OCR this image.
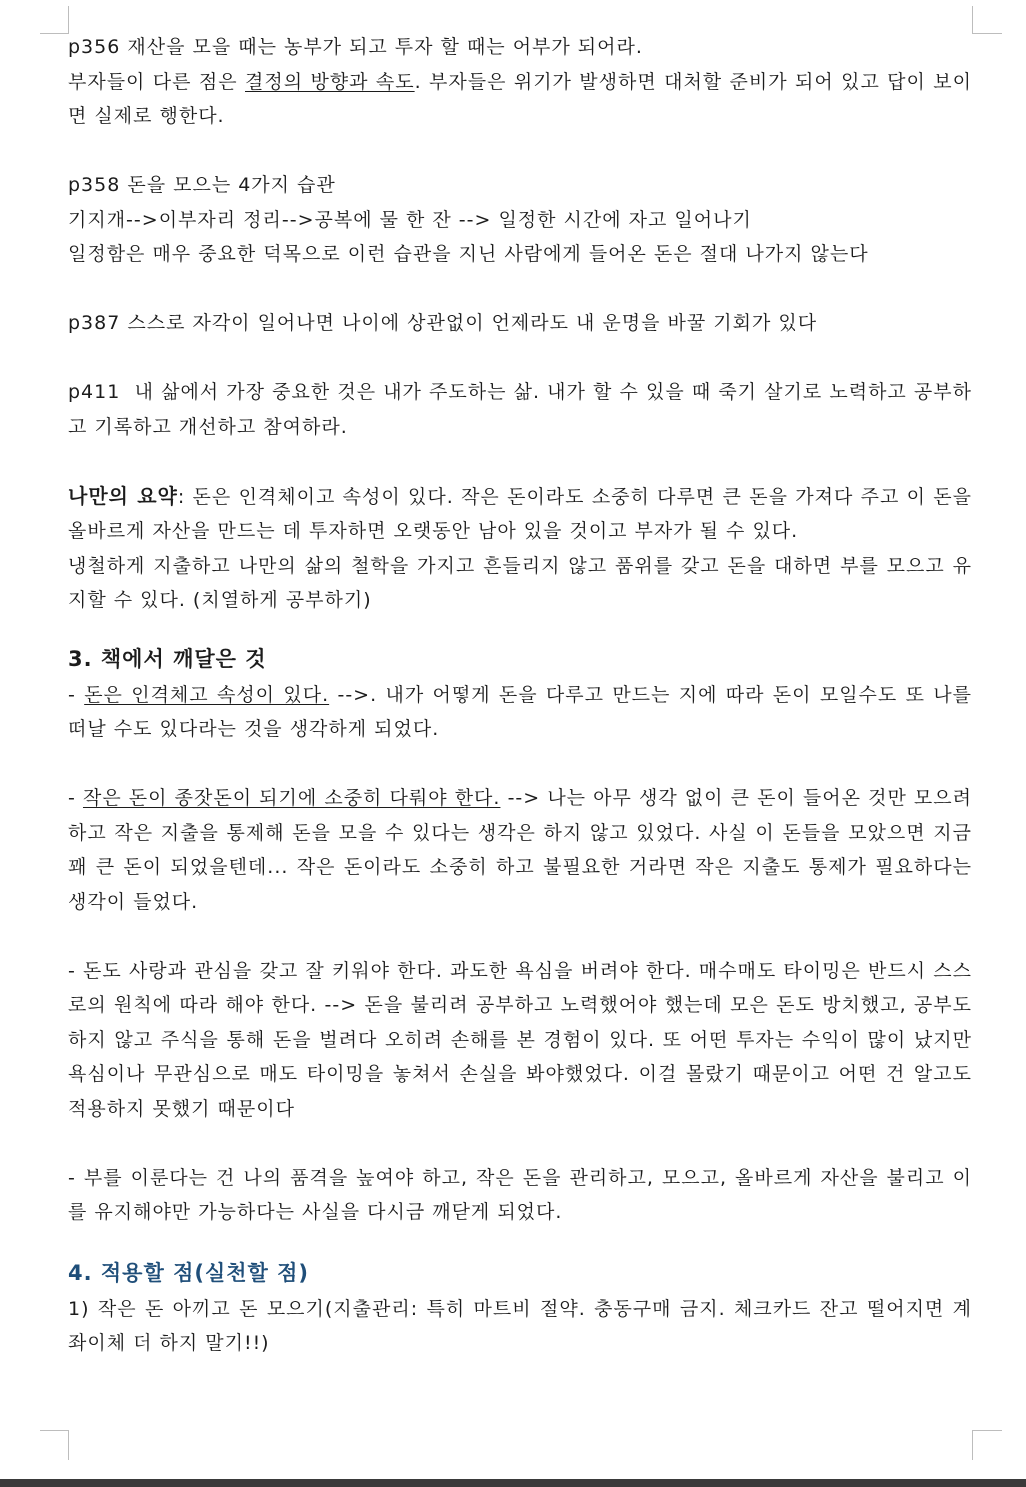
p356 재산을 모을 때는 농부가 되고 투자 할 때는 어부가 되어라.

부자들이 다른 점은 결정의 방향과 속도. 부자들은 위기가 발생하면 대처할 준비가 되어 있고 답이 보이면 실제로 행한다.

p358 돈을 모으는 4가지 습관

기지개-->이부자리 정리-->공복에 물 한 잔 --> 일정한 시간에 자고 일어나기

일정함은 매우 중요한 덕목으로 이런 습관을 지닌 사람에게 들어온 돈은 절대 나가지 않는다

p387 스스로 자각이 일어나면 나이에 상관없이 언제라도 내 운명을 바꿀 기회가 있다

p411  내 삶에서 가장 중요한 것은 내가 주도하는 삶. 내가 할 수 있을 때 죽기 살기로 노력하고 공부하고 기록하고 개선하고 참여하라.

나만의 요약: 돈은 인격체이고 속성이 있다. 작은 돈이라도 소중히 다루면 큰 돈을 가져다 주고 이 돈을 올바르게 자산을 만드는 데 투자하면 오랫동안 남아 있을 것이고 부자가 될 수 있다.

냉철하게 지출하고 나만의 삶의 철학을 가지고 흔들리지 않고 품위를 갖고 돈을 대하면 부를 모으고 유지할 수 있다. (치열하게 공부하기)

3. 책에서 깨달은 것

- 돈은 인격체고 속성이 있다. -->. 내가 어떻게 돈을 다루고 만드는 지에 따라 돈이 모일수도 또 나를 떠날 수도 있다라는 것을 생각하게 되었다.

- 작은 돈이 종잣돈이 되기에 소중히 다뤄야 한다. --> 나는 아무 생각 없이 큰 돈이 들어온 것만 모으려 하고 작은 지출을 통제해 돈을 모을 수 있다는 생각은 하지 않고 있었다. 사실 이 돈들을 모았으면 지금 꽤 큰 돈이 되었을텐데... 작은 돈이라도 소중히 하고 불필요한 거라면 작은 지출도 통제가 필요하다는 생각이 들었다.

- 돈도 사랑과 관심을 갖고 잘 키워야 한다. 과도한 욕심을 버려야 한다. 매수매도 타이밍은 반드시 스스로의 원칙에 따라 해야 한다. --> 돈을 불리려 공부하고 노력했어야 했는데 모은 돈도 방치했고, 공부도 하지 않고 주식을 통해 돈을 벌려다 오히려 손해를 본 경험이 있다. 또 어떤 투자는 수익이 많이 났지만 욕심이나 무관심으로 매도 타이밍을 놓쳐서 손실을 봐야했었다. 이걸 몰랐기 때문이고 어떤 건 알고도 적용하지 못했기 때문이다

- 부를 이룬다는 건 나의 품격을 높여야 하고, 작은 돈을 관리하고, 모으고, 올바르게 자산을 불리고 이를 유지해야만 가능하다는 사실을 다시금 깨닫게 되었다.

4. 적용할 점(실천할 점)

1) 작은 돈 아끼고 돈 모으기(지출관리: 특히 마트비 절약. 충동구매 금지. 체크카드 잔고 떨어지면 계좌이체 더 하지 말기!!)
